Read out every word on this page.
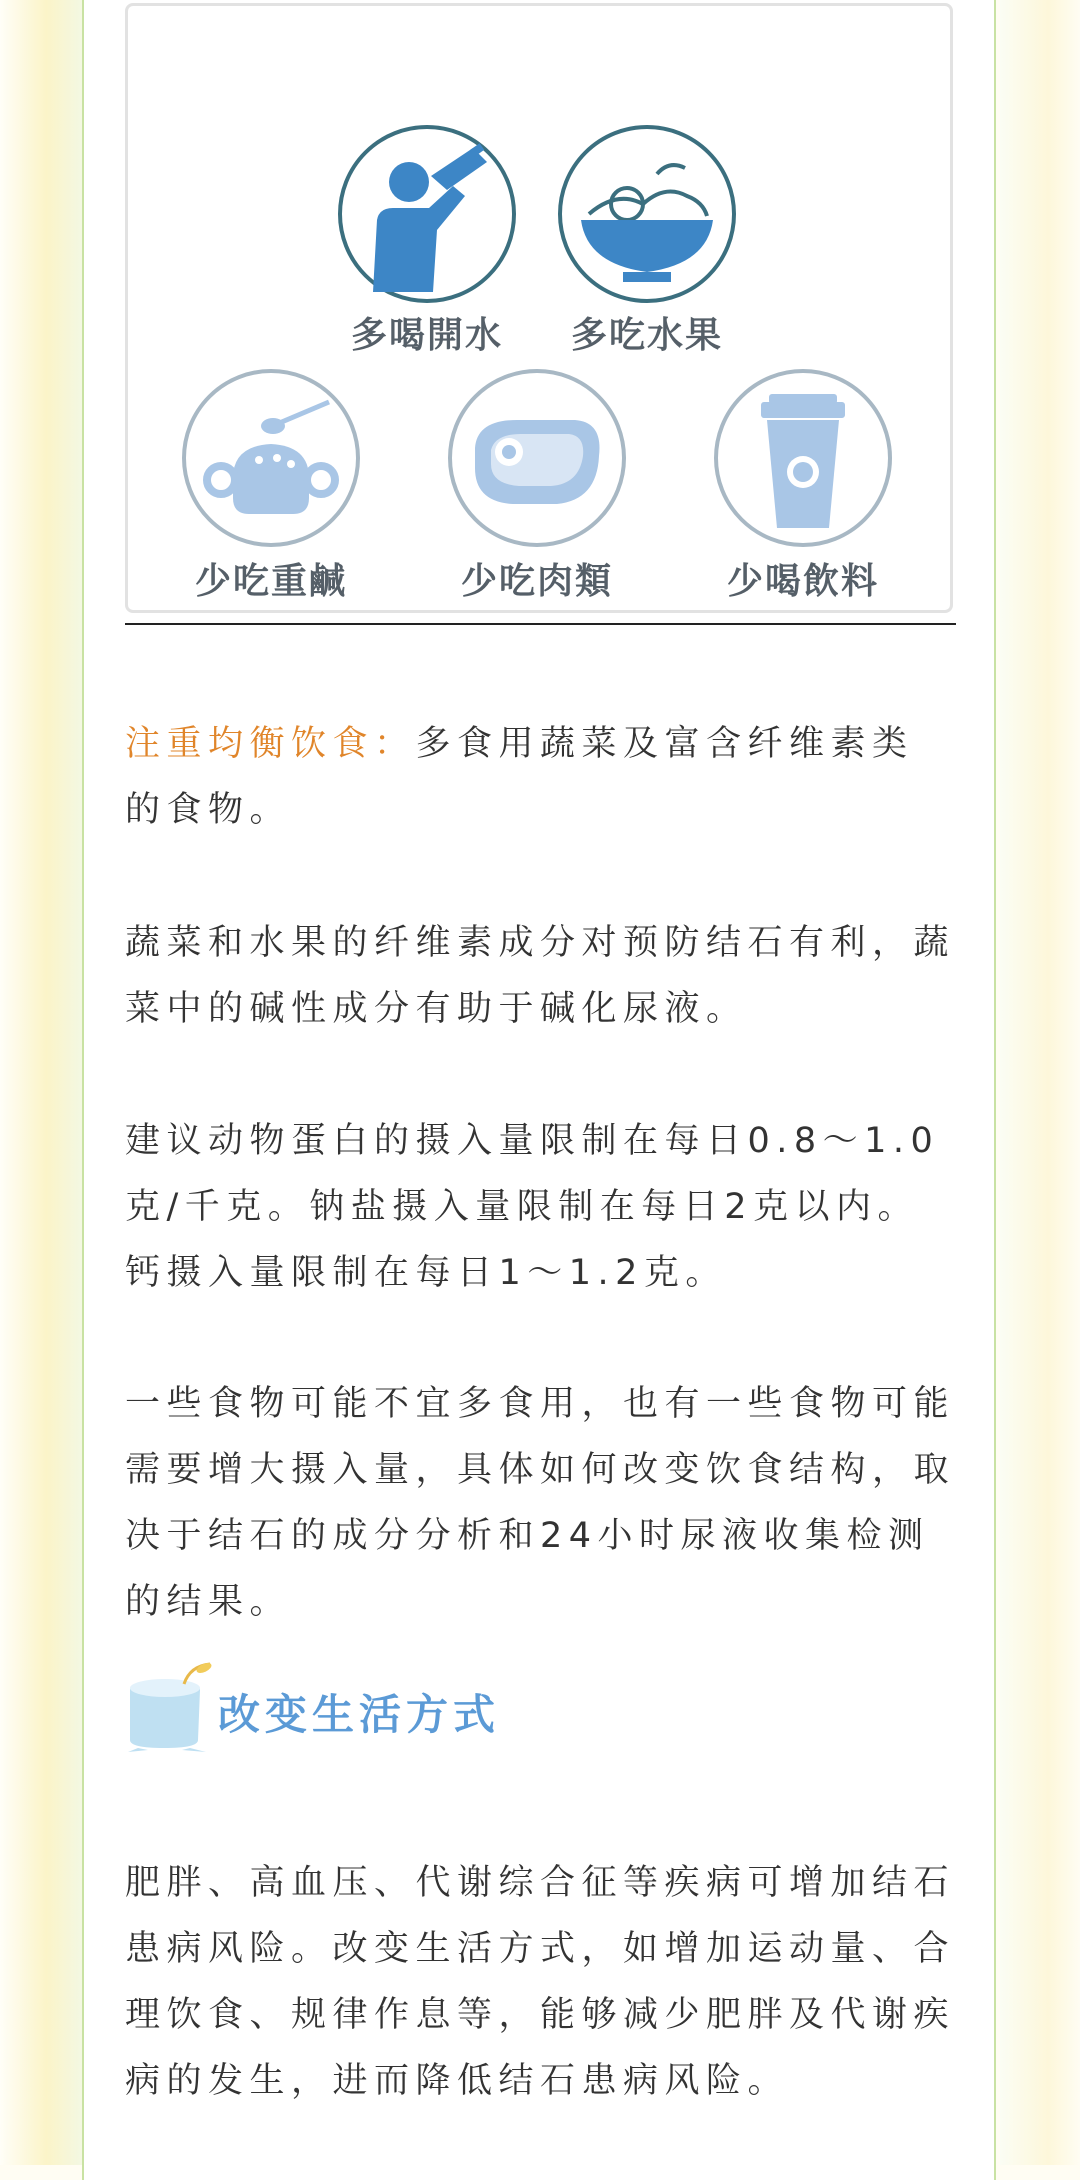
多喝開水	多吃水果
少吃重鹹	少吃肉類	少喝飲料

注重均衡饮食：多食用蔬菜及富含纤维素类的食物。

蔬菜和水果的纤维素成分对预防结石有利，蔬菜中的碱性成分有助于碱化尿液。

建议动物蛋白的摄入量限制在每日0.8～1.0克/千克。钠盐摄入量限制在每日2克以内。钙摄入量限制在每日1～1.2克。

一些食物可能不宜多食用，也有一些食物可能需要增大摄入量，具体如何改变饮食结构，取决于结石的成分分析和24小时尿液收集检测的结果。

改变生活方式

肥胖、高血压、代谢综合征等疾病可增加结石患病风险。改变生活方式，如增加运动量、合理饮食、规律作息等，能够减少肥胖及代谢疾病的发生，进而降低结石患病风险。
